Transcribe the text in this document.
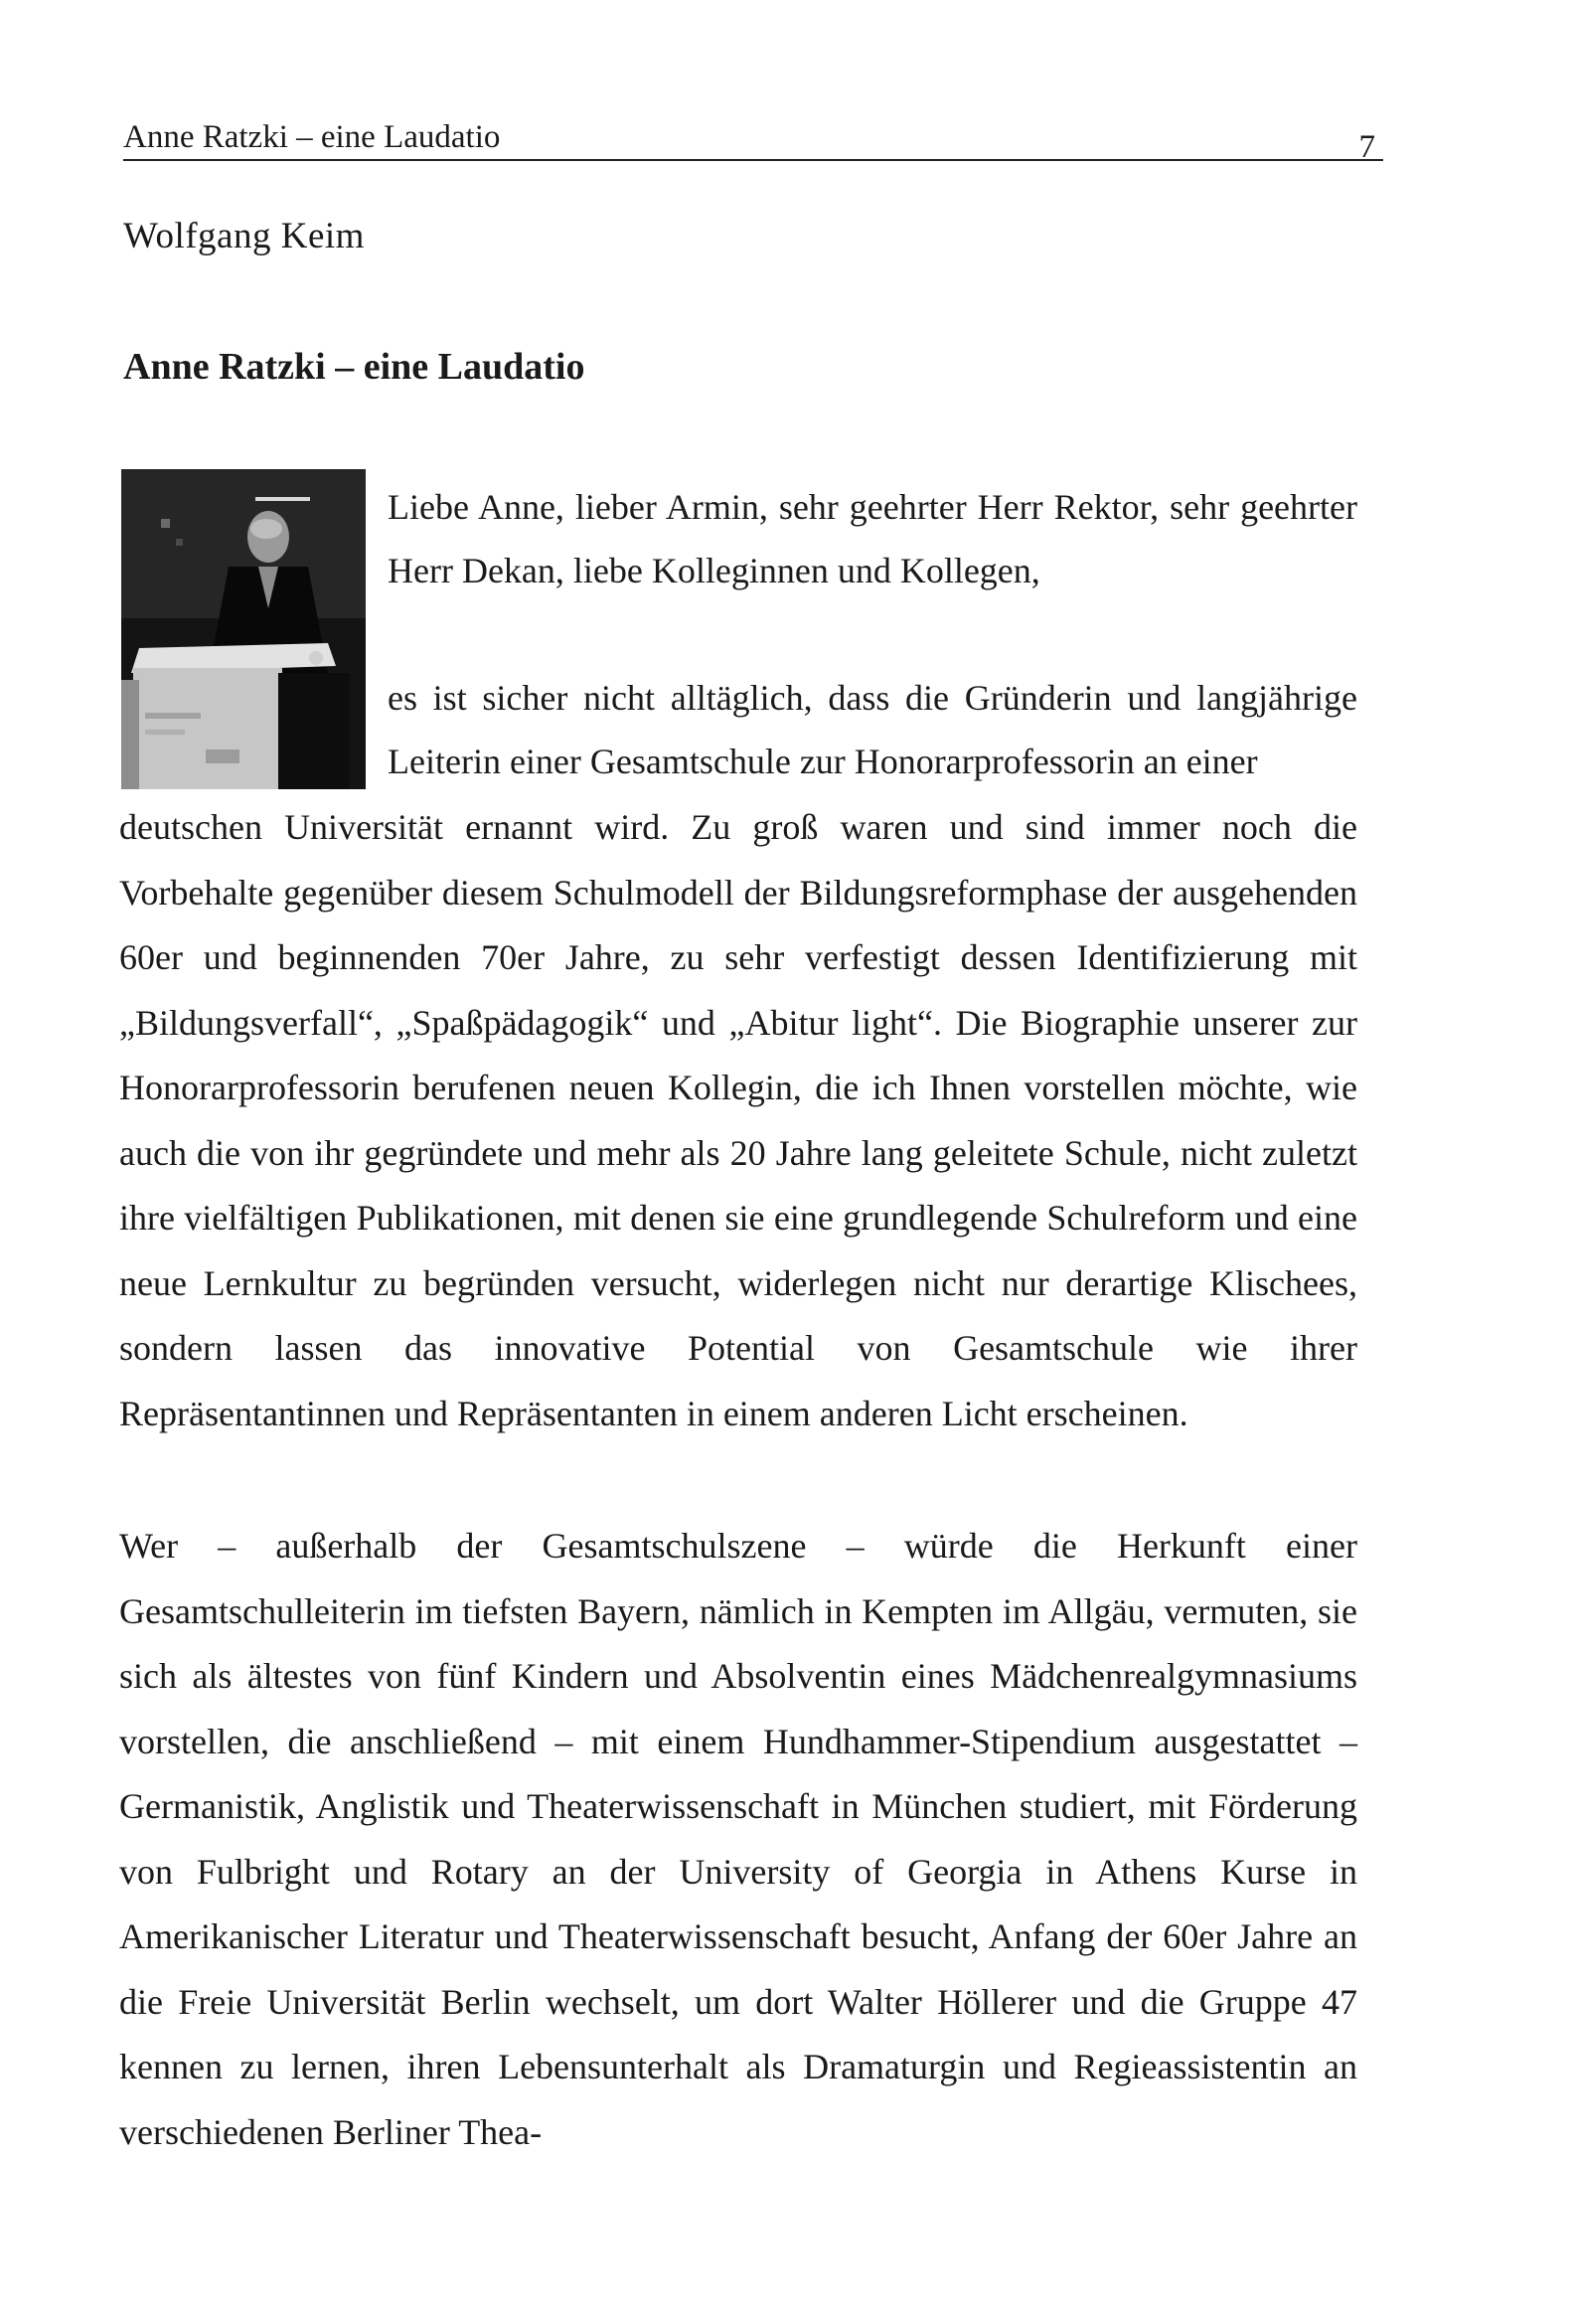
Anne Ratzki – eine Laudatio	7
Wolfgang Keim
Anne Ratzki – eine Laudatio

Liebe Anne, lieber Armin, sehr geehrter Herr Rektor, sehr geehrter Herr Dekan, liebe Kolleginnen und Kollegen,

es ist sicher nicht alltäglich, dass die Gründerin und langjährige Leiterin einer Gesamtschule zur Honorarprofessorin an einer

deutschen Universität ernannt wird. Zu groß waren und sind immer noch die Vorbehalte gegenüber diesem Schulmodell der Bildungsreformphase der ausgehenden 60er und beginnenden 70er Jahre, zu sehr verfestigt dessen Identifizierung mit „Bildungsverfall“, „Spaßpädagogik“ und „Abitur light“. Die Biographie unserer zur Honorarprofessorin berufenen neuen Kollegin, die ich Ihnen vorstellen möchte, wie auch die von ihr gegründete und mehr als 20 Jahre lang geleitete Schule, nicht zuletzt ihre vielfältigen Publikationen, mit denen sie eine grundlegende Schulreform und eine neue Lernkultur zu begründen versucht, widerlegen nicht nur derartige Klischees, sondern lassen das innovative Potential von Gesamtschule wie ihrer Repräsentantinnen und Repräsentanten in einem anderen Licht erscheinen.

Wer – außerhalb der Gesamtschulszene – würde die Herkunft einer Gesamtschulleiterin im tiefsten Bayern, nämlich in Kempten im Allgäu, vermuten, sie sich als ältestes von fünf Kindern und Absolventin eines Mädchenrealgymnasiums vorstellen, die anschließend – mit einem Hundhammer-Stipendium ausgestattet – Germanistik, Anglistik und Theaterwissenschaft in München studiert, mit Förderung von Fulbright und Rotary an der University of Georgia in Athens Kurse in Amerikanischer Literatur und Theaterwissenschaft besucht, Anfang der 60er Jahre an die Freie Universität Berlin wechselt, um dort Walter Höllerer und die Gruppe 47 kennen zu lernen, ihren Lebensunterhalt als Dramaturgin und Regieassistentin an verschiedenen Berliner Thea-
